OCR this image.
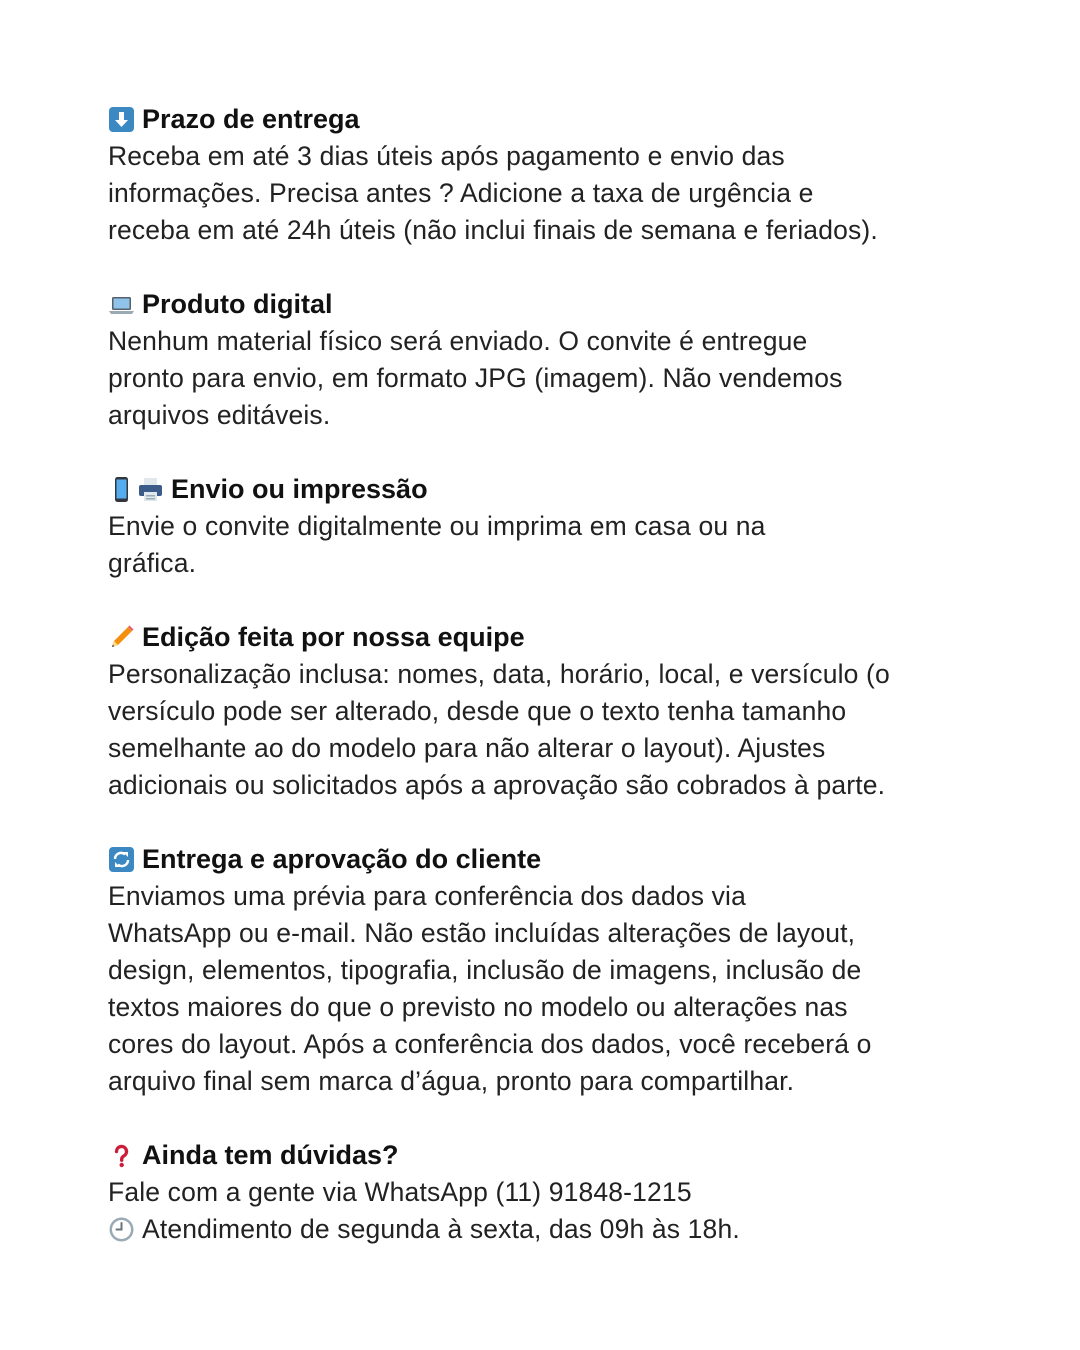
Prazo de entrega
Receba em até 3 dias úteis após pagamento e envio das
informações. Precisa antes ? Adicione a taxa de urgência e
receba em até 24h úteis (não inclui finais de semana e feriados).
Produto digital
Nenhum material físico será enviado. O convite é entregue
pronto para envio, em formato JPG (imagem). Não vendemos
arquivos editáveis.
Envio ou impressão
Envie o convite digitalmente ou imprima em casa ou na
gráfica.
Edição feita por nossa equipe
Personalização inclusa: nomes, data, horário, local, e versículo (o
versículo pode ser alterado, desde que o texto tenha tamanho
semelhante ao do modelo para não alterar o layout). Ajustes
adicionais ou solicitados após a aprovação são cobrados à parte.
Entrega e aprovação do cliente
Enviamos uma prévia para conferência dos dados via
WhatsApp ou e-mail. Não estão incluídas alterações de layout,
design, elementos, tipografia, inclusão de imagens, inclusão de
textos maiores do que o previsto no modelo ou alterações nas
cores do layout. Após a conferência dos dados, você receberá o
arquivo final sem marca d’água, pronto para compartilhar.
Ainda tem dúvidas?
Fale com a gente via WhatsApp (11) 91848-1215
Atendimento de segunda à sexta, das 09h às 18h.
